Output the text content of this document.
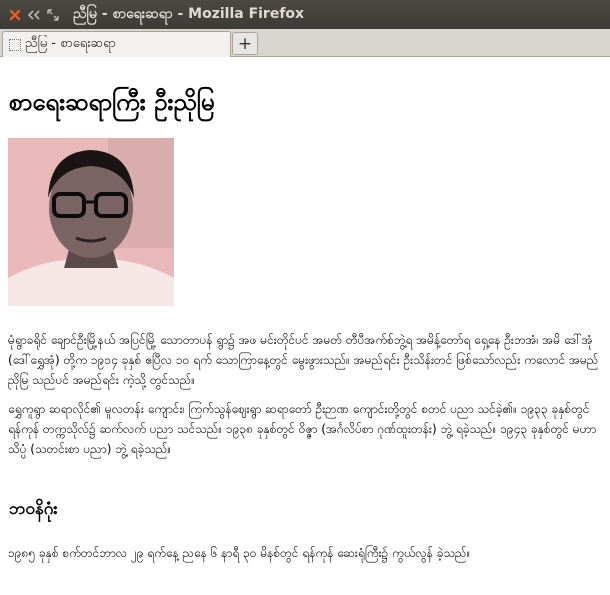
ညီမြ - စာရေးဆရာ - Mozilla Firefox
ညီမြ - စာရေးဆရာ	+
စာရေးဆရာကြီး ဦးညိုမြ

မုံရွာခရိုင် ချောင်ဦးမြို့နယ် အပြင်မြို့ သောတာပန် ရွာ၌ အဖ မင်းတိုင်ပင် အမတ် တီပီအက်စ်ဘွဲ့ရ အမိန့်တော်ရ ရှေ့နေ ဦးဘအံ၊ အမိ ဒေါ်အုံ (ဒေါ်ရွှေအုံ) တို့က ၁၉၁၄ ခုနှစ် ဧပြီလ ၁၀ ရက် သောကြာနေ့တွင် မွေးဖွားသည်။ အမည်ရင်း ဦးသိန်းတင် ဖြစ်သော်လည်း ကလောင် အမည် ညိုမြ သည်ပင် အမည်ရင်း ကဲ့သို့ တွင်သည်။

ရွှေကူရွာ ဆရာလိုင်၏ မူလတန်း ကျောင်း၊ ကြက်သွန်ဈေးရွာ ဆရာတော် ဦးဉာဏ ကျောင်းတို့တွင် စတင် ပညာ သင်ခဲ့၏။ ၁၉၃၃ ခုနှစ်တွင် ရန်ကုန် တက္ကသိုလ်၌ ဆက်လက် ပညာ သင်သည်။ ၁၉၃၈ ခုနှစ်တွင် ဝိဇ္ဇာ (အင်္ဂလိပ်စာ ဂုဏ်ထူးတန်း) ဘွဲ့ ရခဲ့သည်။ ၁၉၄၃ ခုနှစ်တွင် မဟာ သိပ္ပံ (သတင်းစာ ပညာ) ဘွဲ့ ရခဲ့သည်။

ဘဝနိဂုံး

၁၉၈၅ ခုနှစ် စက်တင်ဘာလ ၂၉ ရက်နေ့ ညနေ ၆ နာရီ ၃၀ မိနစ်တွင် ရန်ကုန် ဆေးရုံကြီး၌ ကွယ်လွန် ခဲ့သည်။
